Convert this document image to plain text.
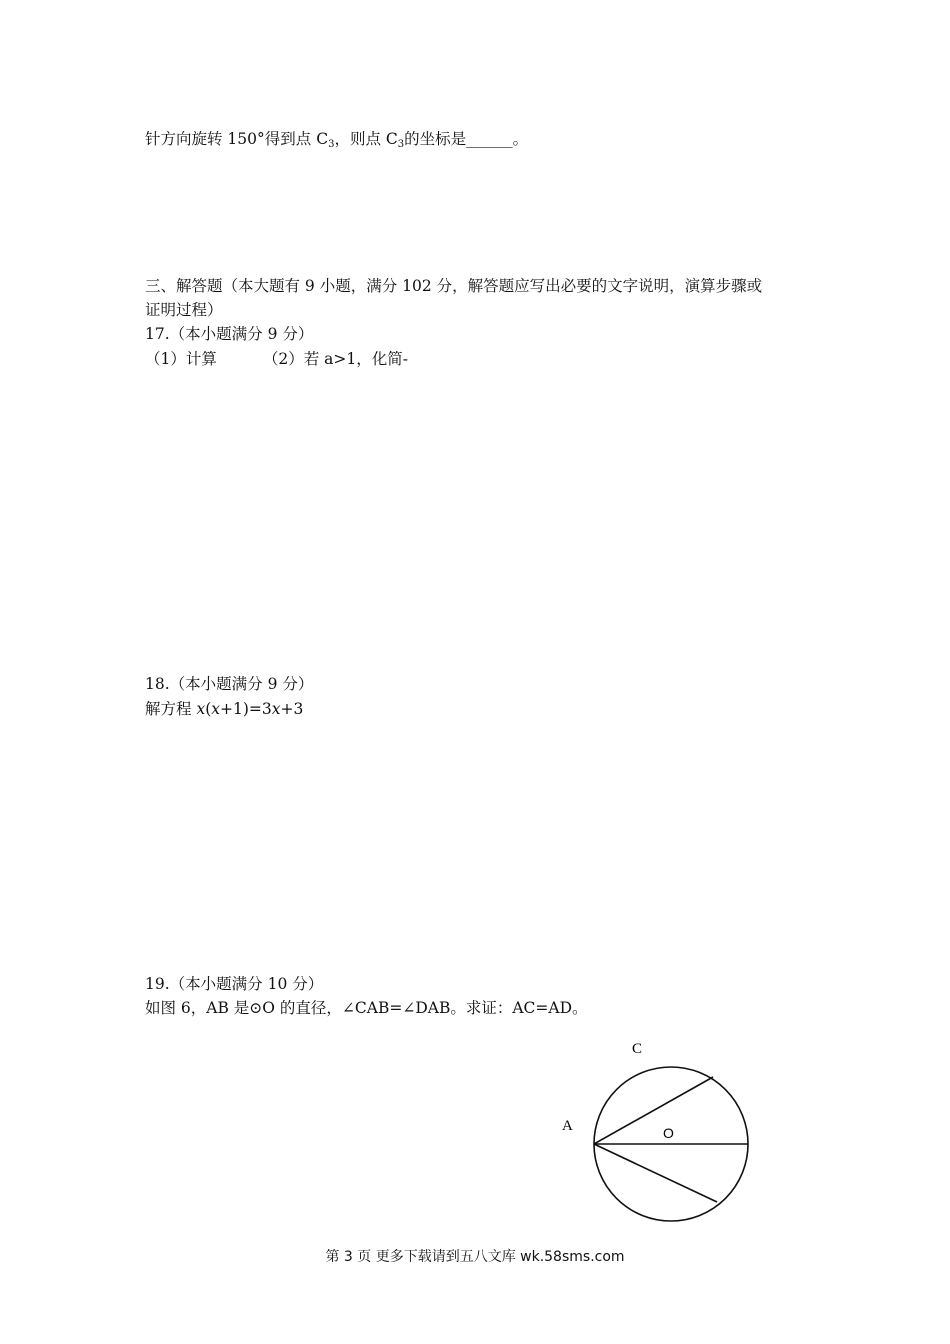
针方向旋转 150°得到点 $C_3$，则点 $C_3$的坐标是______。
三、解答题（本大题有 9 小题，满分 102 分，解答题应写出必要的文字说明，演算步骤或
证明过程）
17.（本小题满分 9 分）
（1）计算	（2）若 a>1，化简-
18.（本小题满分 9 分）
解方程 x(x+1)=3x+3
19.（本小题满分 10 分）
如图 6，AB 是⊙O 的直径，∠CAB=∠DAB。求证：AC=AD。
C
A	O
第 3 页 更多下载请到五八文库 wk.58sms.com
